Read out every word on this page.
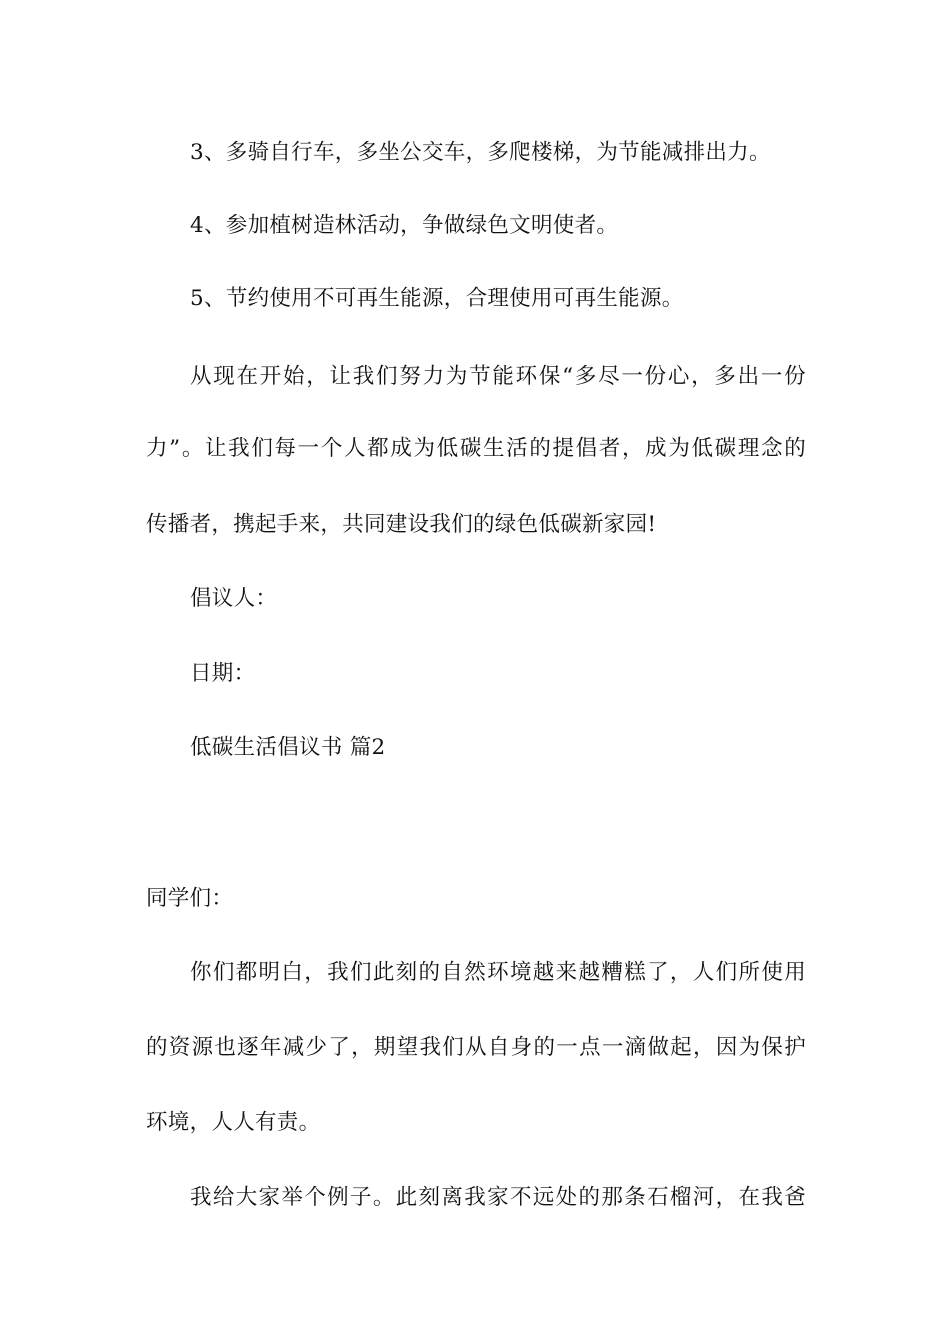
3、多骑自行车，多坐公交车，多爬楼梯，为节能减排出力。
4、参加植树造林活动，争做绿色文明使者。
5、节约使用不可再生能源，合理使用可再生能源。
从现在开始，让我们努力为节能环保“多尽一份心，多出一份
力”。让我们每一个人都成为低碳生活的提倡者，成为低碳理念的
传播者，携起手来，共同建设我们的绿色低碳新家园!
倡议人：
日期：
低碳生活倡议书 篇2
同学们：
你们都明白，我们此刻的自然环境越来越糟糕了，人们所使用
的资源也逐年减少了，期望我们从自身的一点一滴做起，因为保护
环境，人人有责。
我给大家举个例子。此刻离我家不远处的那条石榴河，在我爸
